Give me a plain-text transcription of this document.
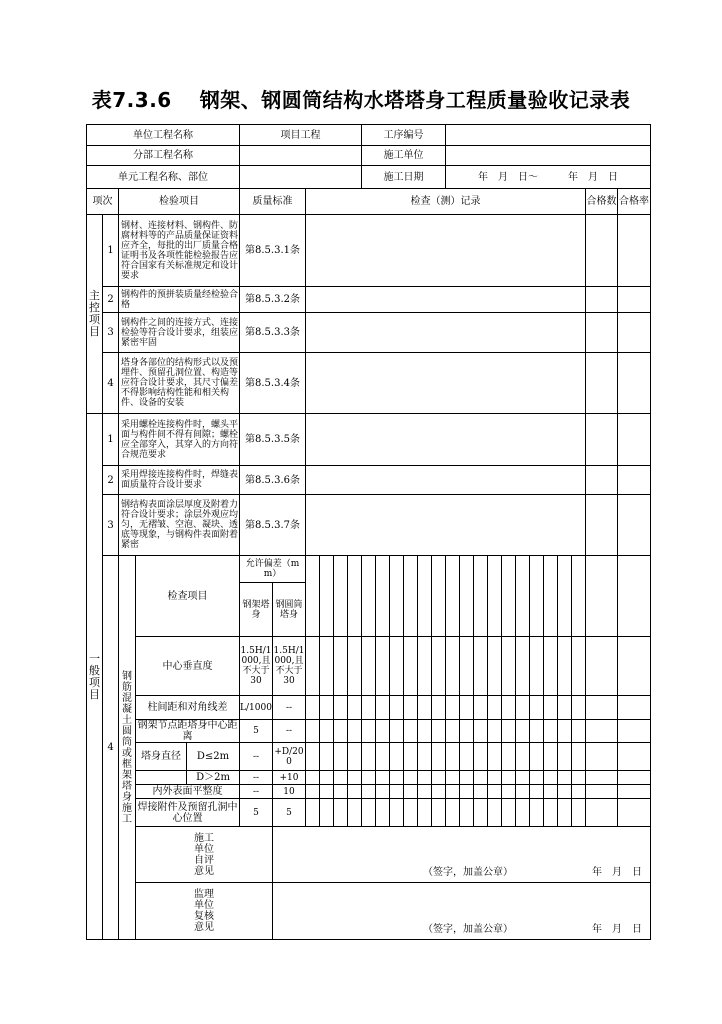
表7.3.6 钢架、钢圆筒结构水塔塔身工程质量验收记录表
单位工程名称				项目工程						工序编号																	
分部工程名称										施工单位																	
单元工程名称、部位										施工日期						年　月　日～　　　年　月　日											
项次		检验项目		质量标准		检查（测）记录																				合格数	合格率

主控项目	1	钢材、连接材料、钢构件、防腐材料等的产品质量保证资料应齐全，每批的出厂质量合格证明书及各项性能检验报告应符合国家有关标准规定和设计要求		第8.5.3.1条																							
	2	钢构件的预拼装质量经检验合格		第8.5.3.2条																							
	3	钢构件之间的连接方式、连接检验等符合设计要求，组装应紧密牢固		第8.5.3.3条																							
	4	塔身各部位的结构形式以及预埋件、预留孔洞位置、构造等应符合设计要求，其尺寸偏差不得影响结构性能和相关构件、设备的安装		第8.5.3.4条																							

一般项目	1	采用螺栓连接构件时，螺头平面与构件间不得有间隙；螺栓应全部穿入，其穿入的方向符合规范要求		第8.5.3.5条																							
	2	采用焊接连接构件时，焊缝表面质量符合设计要求		第8.5.3.6条																							
	3	钢结构表面涂层厚度及附着力符合设计要求；涂层外观应均匀，无褶皱、空泡、凝块、透底等现象，与钢构件表面附着紧密		第8.5.3.7条																							
	4	钢筋混凝土圆筒或框架塔身施工	检查项目	允许偏差（mm）																							
				钢架塔身	钢圆筒塔身																						
			中心垂直度	1.5H/1000,且不大于30	1.5H/1000,且不大于30																						
			柱间距和对角线差	L/1000	--																						
			钢架节点距塔身中心距离	5	--																						

塔身直径 D≤2m	--	+D/200																						

D＞2m	--	+10																						
			内外表面平整度	--	10																						
			焊接附件及预留孔洞中心位置	5	5																						

			施工单位自评意见		（签字，加盖公章） 年　月　日																						

			监理单位复核意见		（签字，加盖公章） 年　月　日																						
